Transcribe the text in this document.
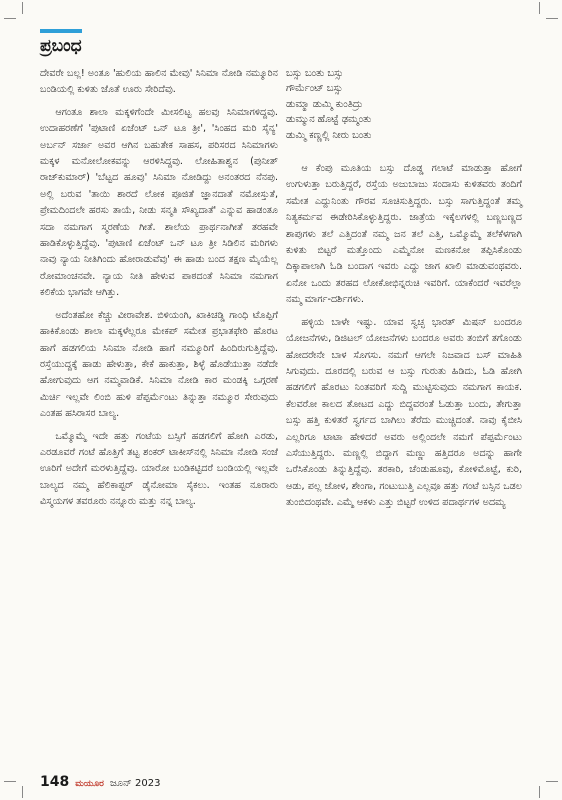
ಪ್ರಬಂಧ

ದೇವರೇ ಬಲ್ಲ! ಅಂತೂ 'ಹುಲಿಯ ಹಾಲಿನ ಮೇವು' ಸಿನಿಮಾ ನೋಡಿ ನಮ್ಮೂರಿನ ಬಂಡಿಯಲ್ಲಿ ಕುಳಿತು ಜೊತೆ ಊರು ಸೇರಿದೆವು.

ಆಗಂತೂ ಶಾಲಾ ಮಕ್ಕಳಿಗೆಂದೇ ಮೀಸಲಿಟ್ಟ ಹಲವು ಸಿನಿಮಾಗಳಿದ್ದವು. ಉದಾಹರಣೆಗೆ 'ಪುಟಾಣಿ ಏಜೆಂಟ್ ಒನ್ ಟೂ ತ್ರೀ', 'ಸಿಂಹದ ಮರಿ ಸೈನ್ಯ' ಅರ್ಬನ್ ಸರ್ಜಾ ಅವರ ಆಗಿನ ಬಹುತೇಕ ಸಾಹಸ, ಪರಿಸರದ ಸಿನಿಮಾಗಳು ಮಕ್ಕಳ ಮನೋಲೋಕವನ್ನು ಆರಳಿಸಿದ್ದವು. ಲೋಹಿತಾಶ್ವನ (ಪುನೀತ್ ರಾಜ್‌ಕುಮಾರ್) 'ಬೆಟ್ಟದ ಹೂವು' ಸಿನಿಮಾ ನೋಡಿದ್ದು ಅನಂತರದ ನೆನಪು. ಅಲ್ಲಿ ಬರುವ 'ತಾಯಿ ಶಾರದೆ ಲೋಕ ಪೂಜಿತೆ ಜ್ಞಾನದಾತೆ ನಮೋಸ್ತುತೆ, ಪ್ರೇಮದಿಂದಲೇ ಹರಸು ತಾಯೆ, ನೀಡು ಸನ್ಮತಿ ಸೌಖ್ಯದಾತೆ' ಎನ್ನುವ ಹಾಡಂತೂ ಸದಾ ನಮಗಾಗ ಸ್ಮರಣೆಯ ಗೀತೆ. ಶಾಲೆಯ ಪ್ರಾರ್ಥನಾಗೀತೆ ತರಹವೇ ಹಾಡಿಕೊಳ್ಳುತ್ತಿದ್ದೆವು. 'ಪುಟಾಣಿ ಏಜೆಂಟ್ ಒನ್ ಟೂ ತ್ರೀ ಸಿಡಿಲಿನ ಮರಿಗಳು ನಾವು ನ್ಯಾಯ ನೀತಿಗಿಂದು ಹೋರಾಡುವೆವು' ಈ ಹಾಡು ಬಂದ ತಕ್ಷಣ ಮೈಯೆಲ್ಲ ರೋಮಾಂಚನವೇ. ನ್ಯಾಯ ನೀತಿ ಹೇಳುವ ಪಾಠದಂತೆ ಸಿನಿಮಾ ನಮಗಾಗ ಕಲಿಕೆಯ ಭಾಗವೇ ಆಗಿತ್ತು.

ಅದೆಂತಹೋ ಕೆಚ್ಚು ವೀರಾವೇಶ. ಬಿಳಿಯಂಗಿ, ಖಾಕಿಚಡ್ಡಿ ಗಾಂಧಿ ಟೊಪ್ಪಿಗೆ ಹಾಕಿಕೊಂಡು ಶಾಲಾ ಮಕ್ಕಳೆಲ್ಲರೂ ಮೇಕಪ್ ಸಮೇತ ಪ್ರಭಾತಫೇರಿ ಹೊರಟ ಹಾಗೆ ಹಡಗಲಿಯ ಸಿನಿಮಾ ನೋಡಿ ಹಾಗೆ ನಮ್ಮೂರಿಗೆ ಹಿಂದಿರುಗುತ್ತಿದ್ದೆವು. ರಸ್ತೆಯುದ್ದಕ್ಕೆ ಹಾಡು ಹೇಳುತ್ತಾ, ಕೇಕೆ ಹಾಕುತ್ತಾ, ಶಿಳ್ಳೆ ಹೊಡೆಯುತ್ತಾ ನಡೆದೇ ಹೋಗುವುದು ಆಗ ನಮ್ಮವಾಡಿಕೆ. ಸಿನಿಮಾ ನೋಡಿ ಕಾರ ಮಂಡಕ್ಕಿ ಒಗ್ಗರಣೆ ಮಿರ್ಚಿ ಇಲ್ಲವೇ ಲಿಂಬಿ ಹುಳಿ ಪೆಪ್ಪರ್ಮೆಂಟು ತಿನ್ನುತ್ತಾ ನಮ್ಮೂರ ಸೇರುವುದು ಎಂತಹ ಹಸಿರಾಸರ ಬಾಲ್ಯ.

ಒಮ್ಮೊಮ್ಮೆ ಇದೇ ಹತ್ತು ಗಂಟೆಯ ಬಸ್ಸಿಗೆ ಹಡಗಲಿಗೆ ಹೋಗಿ ಎರಡು, ಎರಡೂವರೆ ಗಂಟೆ ಹೊತ್ತಿಗೆ ತಟ್ಟ ಶಂಕರ್ ಟಾಕೀಸ್‌ನಲ್ಲಿ ಸಿನಿಮಾ ನೋಡಿ ಸಂಜೆ ಊರಿಗೆ ಅದೇಗೆ ಮರಳುತ್ತಿದ್ದೆವು. ಯಾರೋ ಬಂಡಿಕಟ್ಟಿದರೆ ಬಂಡಿಯಲ್ಲಿ ಇಲ್ಲವೇ ಬಾಲ್ಯದ ನಮ್ಮ ಹೆಲಿಕಾಪ್ಟರ್ ಡೈನೋಮಾ ಸೈಕಲು. ಇಂತಹ ನೂರಾರು ವಿಸ್ಮಯಗಳ ತವರೂರು ನನ್ನೂರು ಮತ್ತು ನನ್ನ ಬಾಲ್ಯ.

ಬಸ್ಸು ಬಂತು ಬಸ್ಸು
ಗೌರ್ಮೆಂಟ್ ಬಸ್ಸು
ಡುಮ್ಮಾ ಡುಮ್ಮಿ ಕುಂತಿದ್ರು
ಡುಮ್ಮುನ ಹೊಟ್ಟೆ ಢಮ್ಮಂತು
ಡುಮ್ಮಿ ಕಣ್ಣಲ್ಲಿ ನೀರು ಬಂತು

ಆ ಕೆಂಪು ಮೂತಿಯ ಬಸ್ಸು ದೊಡ್ಡ ಗಲಾಟೆ ಮಾಡುತ್ತಾ ಹೋಗೆ ಉಗುಳುತ್ತಾ ಬರುತ್ತಿದ್ದರೆ, ರಸ್ತೆಯ ಅಜುಬಾಜು ಸಂದಾಸು ಕುಳಿತವರು ತಂದಿಗೆ ಸಮೇತ ಎದ್ದುನಿಂತು ಗೌರವ ಸೂಚಿಸುತ್ತಿದ್ದರು. ಬಸ್ಸು ಸಾಗುತ್ತಿದ್ದಂತೆ ತಮ್ಮ ನಿತ್ಯಕರ್ಮವ ಈಡೇರಿಸಿಕೊಳ್ಳುತ್ತಿದ್ದರು. ಜಾತ್ರೆಯ ಇಕ್ಕೆಲಗಳಲ್ಲಿ ಬಣ್ಣಬಣ್ಣದ ಶಾಪುಗಳು ತಲೆ ಎತ್ತಿದಂತೆ ನಮ್ಮ ಜನ ತಲೆ ಎತ್ತಿ, ಒಮ್ಮೊಮ್ಮೆ ತಲೆಕೆಳಗಾಗಿ ಕುಳಿತು ಬಿಟ್ಟರೆ ಮತ್ತೊಂದು ಎಮ್ಮೆನೋ ಮಣಕನೋ ತಪ್ಪಿಸಿಕೊಂಡು ದಿಕ್ಕಾಪಾಲಾಗಿ ಓಡಿ ಬಂದಾಗ ಇವರು ಎದ್ದು ಜಾಗ ಖಾಲಿ ಮಾಡುವಂಥವರು. ಏನೋ ಒಂದು ತರಹದ ಲೋಕೋಭಿನ್ನರುಚಿ ಇವರಿಗೆ. ಯಾಕೆಂದರೆ ಇವರೆಲ್ಲಾ ನಮ್ಮ ಮಾರ್ಗ-ದರ್ಶಿಗಳು.

ಹಳ್ಳಿಯ ಬಾಳೇ ಇಷ್ಟು. ಯಾವ ಸ್ವಚ್ಛ ಭಾರತ್ ಮಿಷನ್ ಬಂದರೂ ಯೋಜನೆಗಳು, ಡಿಜಿಟಲ್ ಯೋಜನೆಗಳು ಬಂದರೂ ಅವರು ತಂಬಿಗೆ ತಗೊಂಡು ಹೋದರೇನೇ ಬಾಳ ಸೊಗಸು. ನಮಗೆ ಆಗಲೇ ನಿಜವಾದ ಬಸ್ ಮಾಹಿತಿ ಸಿಗುವುದು. ದೂರದಲ್ಲಿ ಬರುವ ಆ ಬಸ್ಸು ಗುರುತು ಹಿಡಿದು, ಓಡಿ ಹೋಗಿ ಹಡಗಲಿಗೆ ಹೊರಟು ನಿಂತವರಿಗೆ ಸುದ್ದಿ ಮುಟ್ಟಿಸುವುದು ನಮಗಾಗ ಕಾಯಕ. ಕೆಲವರೋ ಕಾಲದ ತೋಟದ ಎದ್ದು ಬಿದ್ದವರಂತೆ ಓಡುತ್ತಾ ಬಂದು, ತೇಗುತ್ತಾ ಬಸ್ಸು ಹತ್ತಿ ಕುಳಿತರೆ ಸ್ವರ್ಗದ ಬಾಗಿಲು ತೆರೆದು ಮುಚ್ಚಿದಂತೆ. ನಾವು ಕೈಬೀಸಿ ಎಲ್ಲರಿಗೂ ಟಾಟಾ ಹೇಳಿದರೆ ಅವರು ಅಲ್ಲಿಂದಲೇ ನಮಗೆ ಪೆಪ್ಪರ್ಮೆಂಟು ಎಸೆಯುತ್ತಿದ್ದರು. ಮಣ್ಣಲ್ಲಿ ಬಿದ್ದಾಗ ಮಣ್ಣು ಹತ್ತಿದರೂ ಅದನ್ನು ಹಾಗೇ ಒರೆಸಿಕೊಂಡು ತಿನ್ನುತ್ತಿದ್ದೆವು. ತರಕಾರಿ, ಚೆಂಡುಹೂವು, ಕೋಳಿಮೊಟ್ಟೆ, ಕುರಿ, ಆಡು, ಪಲ್ಲ ಜೋಳ, ಶೇಂಗಾ, ಗಂಟುಬುತ್ತಿ ಎಲ್ಲವೂ ಹತ್ತು ಗಂಟೆ ಬಸ್ಸಿನ ಒಡಲ ತುಂಬಿದಂಥವೇ. ಎಮ್ಮೆ ಆಕಳು ಎತ್ತು ಬಿಟ್ಟರೆ ಉಳಿದ ಪದಾರ್ಥಗಳ ಅದಮ್ಯ

148 ಮಯೂರ ಜೂನ್ 2023
